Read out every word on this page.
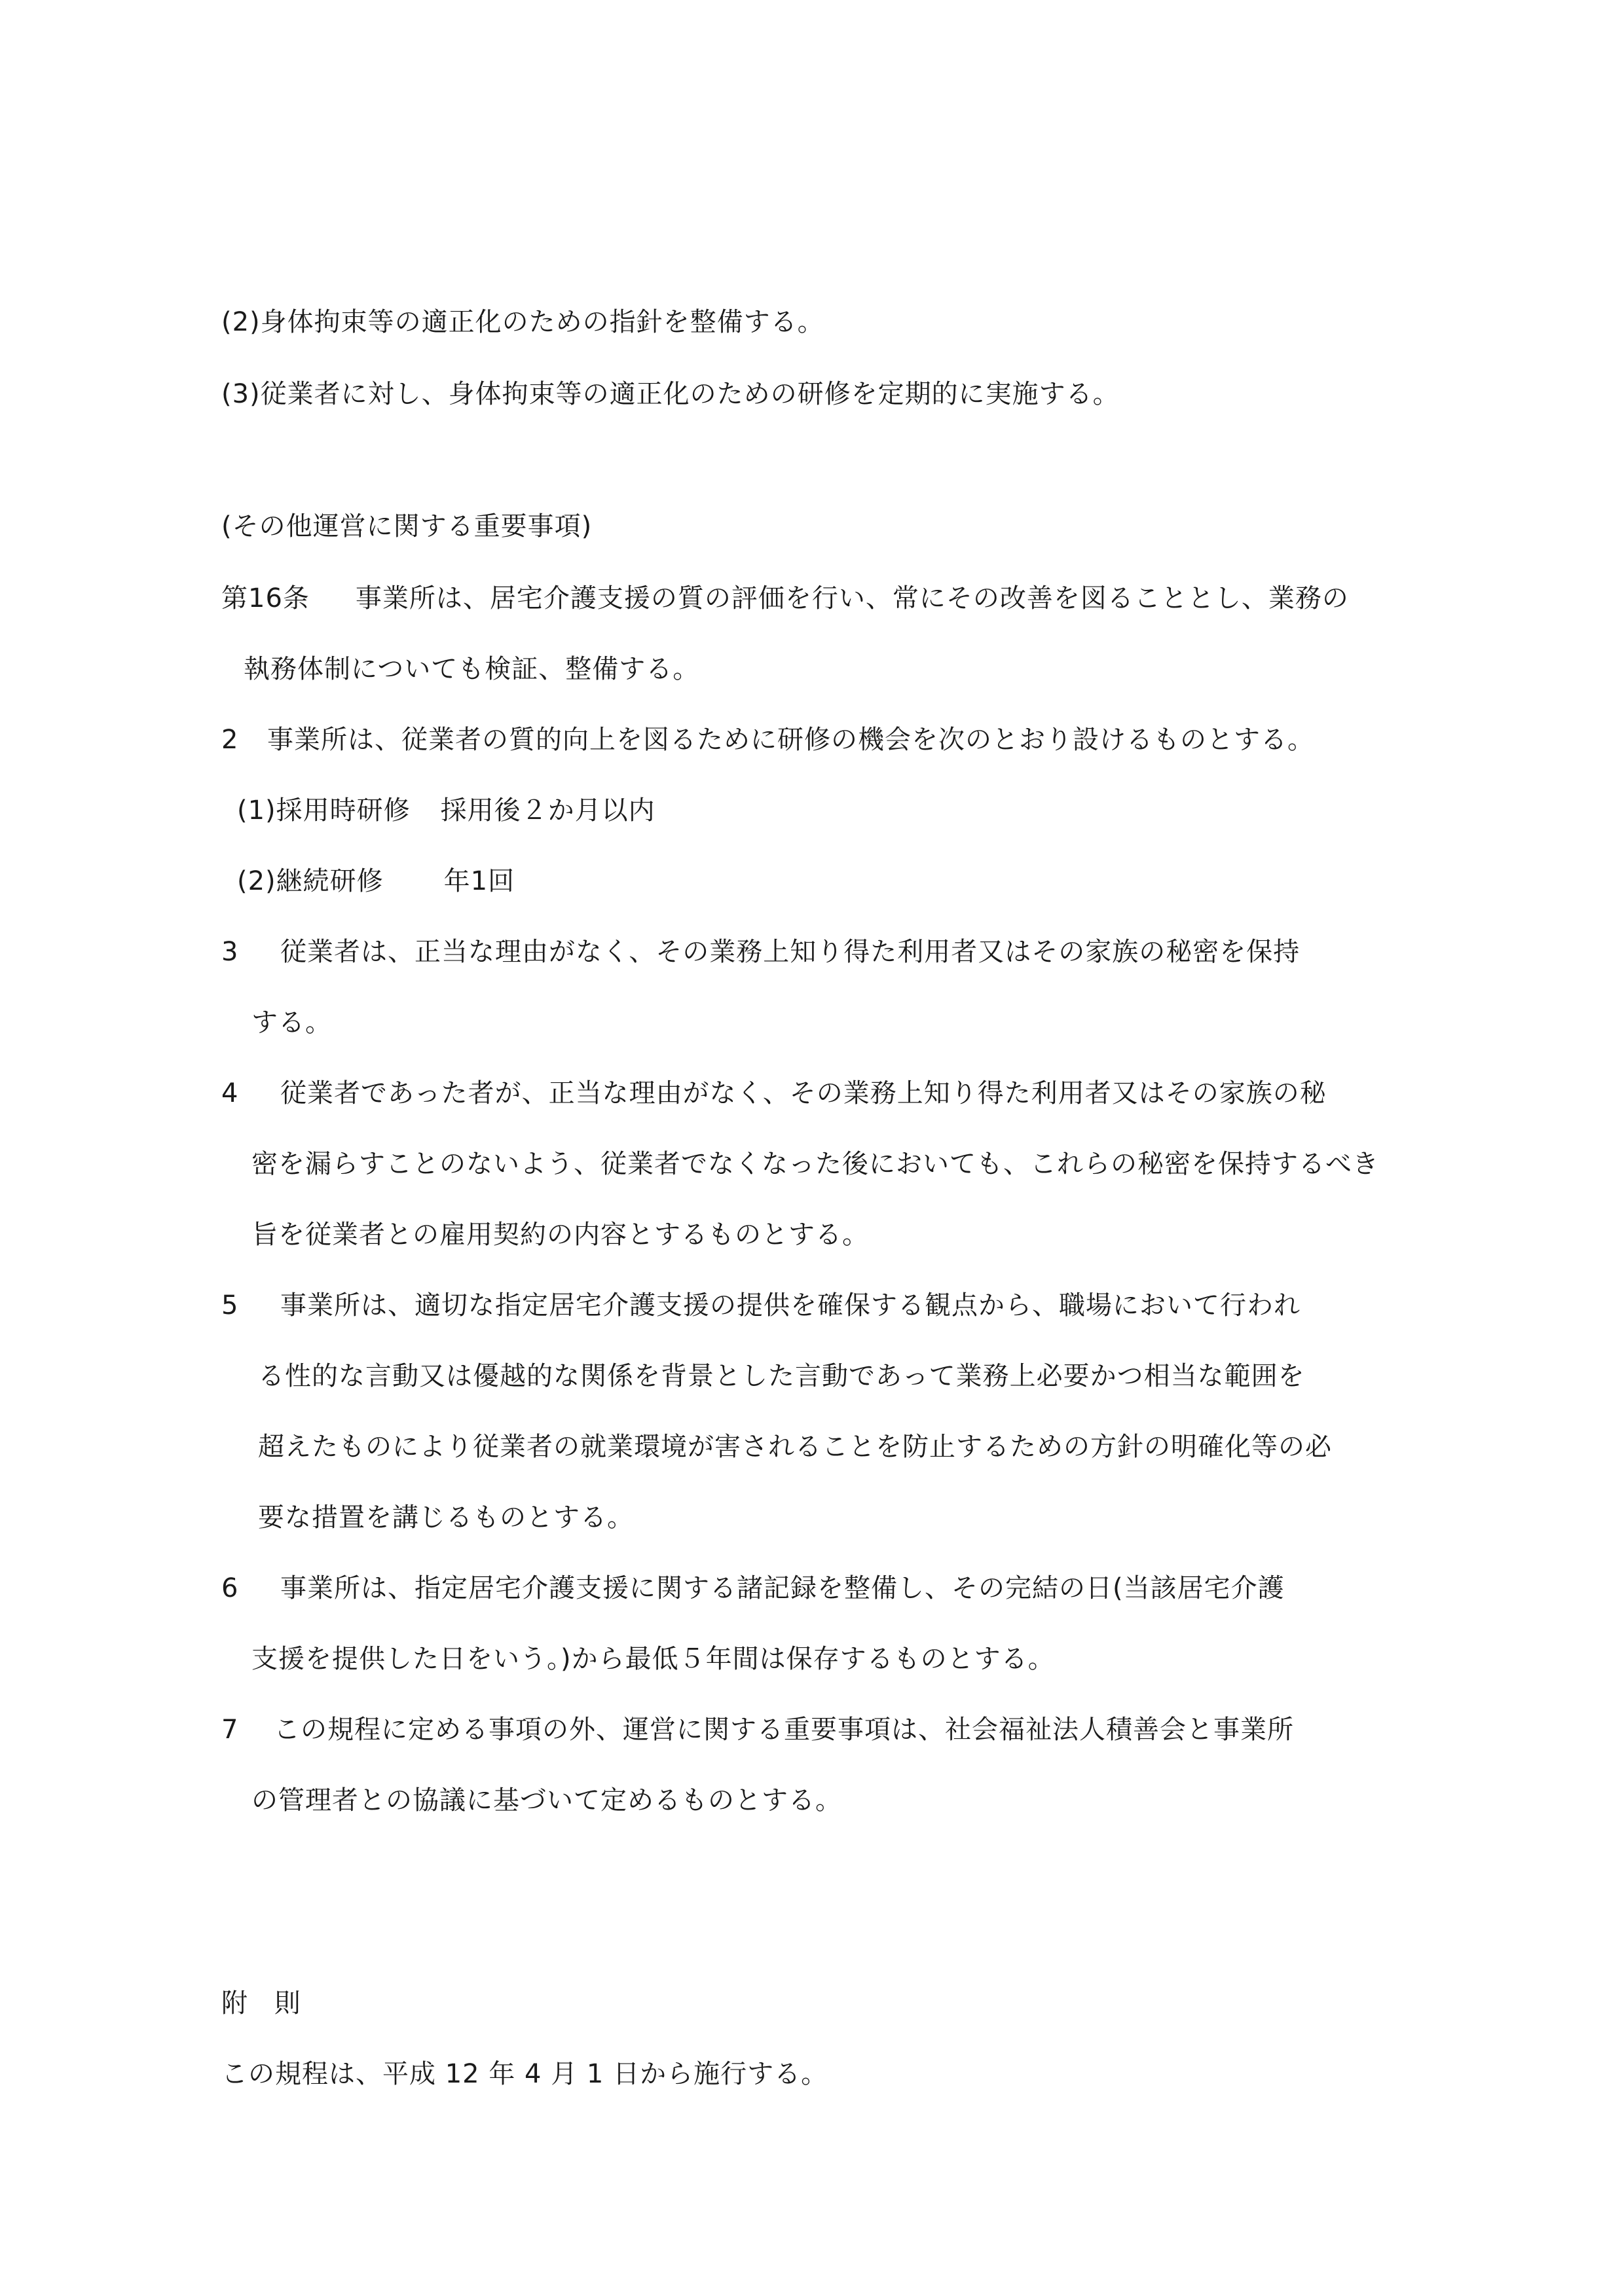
(2)身体拘束等の適正化のための指針を整備する。
(3)従業者に対し、身体拘束等の適正化のための研修を定期的に実施する。
(その他運営に関する重要事項)
第16条 事業所は、居宅介護支援の質の評価を行い、常にその改善を図ることとし、業務の
執務体制についても検証、整備する。
2 事業所は、従業者の質的向上を図るために研修の機会を次のとおり設けるものとする。
(1)採用時研修 採用後２か月以内
(2)継続研修 年1回
3 従業者は、正当な理由がなく、その業務上知り得た利用者又はその家族の秘密を保持
する。
4 従業者であった者が、正当な理由がなく、その業務上知り得た利用者又はその家族の秘
密を漏らすことのないよう、従業者でなくなった後においても、これらの秘密を保持するべき
旨を従業者との雇用契約の内容とするものとする。
5 事業所は、適切な指定居宅介護支援の提供を確保する観点から、職場において行われ
る性的な言動又は優越的な関係を背景とした言動であって業務上必要かつ相当な範囲を
超えたものにより従業者の就業環境が害されることを防止するための方針の明確化等の必
要な措置を講じるものとする。
6 事業所は、指定居宅介護支援に関する諸記録を整備し、その完結の日(当該居宅介護
支援を提供した日をいう。)から最低５年間は保存するものとする。
7 この規程に定める事項の外、運営に関する重要事項は、社会福祉法人積善会と事業所
の管理者との協議に基づいて定めるものとする。
附 則
この規程は、平成 12 年 4 月 1 日から施行する。
